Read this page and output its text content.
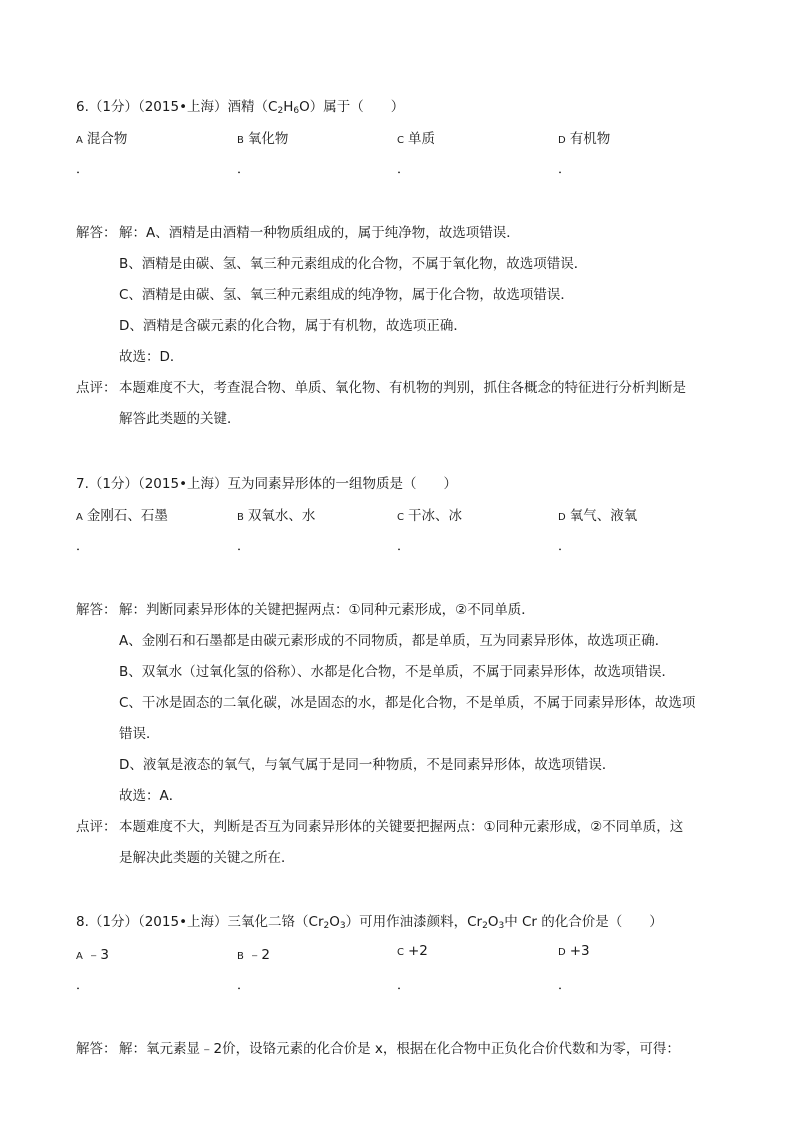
6.（1分）（2015•上海）酒精$(C_2H_6O)$属于（　　）
A 混合物	B 氧化物	C 单质	D 有机物
．	．	．	．
解答： 解：A、酒精是由酒精一种物质组成的，属于纯净物，故选项错误．
B、酒精是由碳、氢、氧三种元素组成的化合物，不属于氧化物，故选项错误．
C、酒精是由碳、氢、氧三种元素组成的纯净物，属于化合物，故选项错误．
D、酒精是含碳元素的化合物，属于有机物，故选项正确．
故选：D．
点评： 本题难度不大，考查混合物、单质、氧化物、有机物的判别，抓住各概念的特征进行分析判断是
解答此类题的关键．
7.（1分）（2015•上海）互为同素异形体的一组物质是（　　）
A 金刚石、石墨	B 双氧水、水	C 干冰、冰	D 氧气、液氧
．	．	．	．
解答： 解：判断同素异形体的关键把握两点：①同种元素形成，②不同单质．
A、金刚石和石墨都是由碳元素形成的不同物质，都是单质，互为同素异形体，故选项正确．
B、双氧水（过氧化氢的俗称）、水都是化合物，不是单质，不属于同素异形体，故选项错误．
C、干冰是固态的二氧化碳，冰是固态的水，都是化合物，不是单质，不属于同素异形体，故选项
错误．
D、液氧是液态的氧气，与氧气属于是同一种物质，不是同素异形体，故选项错误．
故选：A．
点评： 本题难度不大，判断是否互为同素异形体的关键要把握两点：①同种元素形成，②不同单质，这
是解决此类题的关键之所在．
8.（1分）（2015•上海）三氧化二铬$(Cr_2O_3)$可用作油漆颜料，$Cr_2O_3$中 Cr 的化合价是（　　）
A ﹣3	B ﹣2	C +2	D +3
．	．	．	．
解答： 解：氧元素显﹣2价，设铬元素的化合价是 x，根据在化合物中正负化合价代数和为零，可得：
